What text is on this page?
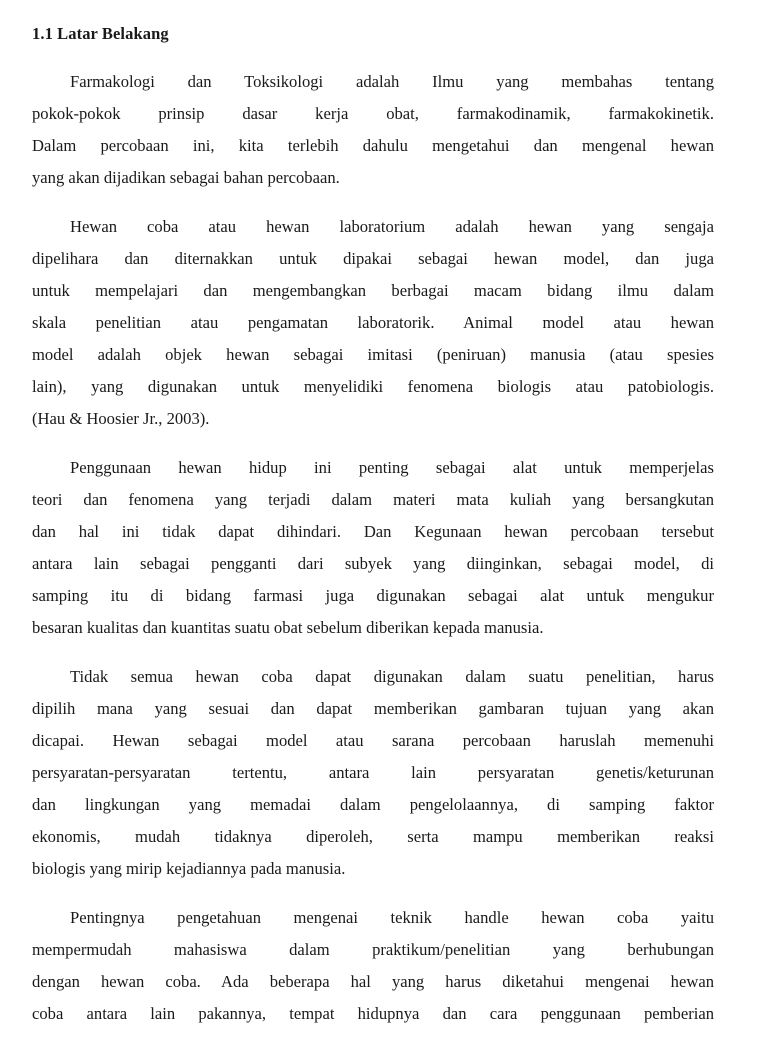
1.1 Latar Belakang
Farmakologi dan Toksikologi adalah Ilmu yang membahas tentang
pokok-pokok prinsip dasar kerja obat, farmakodinamik, farmakokinetik.
Dalam percobaan ini, kita terlebih dahulu mengetahui dan mengenal hewan
yang akan dijadikan sebagai bahan percobaan.
Hewan coba atau hewan laboratorium adalah hewan yang sengaja
dipelihara dan diternakkan untuk dipakai sebagai hewan model, dan juga
untuk mempelajari dan mengembangkan berbagai macam bidang ilmu dalam
skala penelitian atau pengamatan laboratorik. Animal model atau hewan
model adalah objek hewan sebagai imitasi (peniruan) manusia (atau spesies
lain), yang digunakan untuk menyelidiki fenomena biologis atau patobiologis.
(Hau & Hoosier Jr., 2003).
Penggunaan hewan hidup ini penting sebagai alat untuk memperjelas
teori dan fenomena yang terjadi dalam materi mata kuliah yang bersangkutan
dan hal ini tidak dapat dihindari. Dan Kegunaan hewan percobaan tersebut
antara lain sebagai pengganti dari subyek yang diinginkan, sebagai model, di
samping itu di bidang farmasi juga digunakan sebagai alat untuk mengukur
besaran kualitas dan kuantitas suatu obat sebelum diberikan kepada manusia.
Tidak semua hewan coba dapat digunakan dalam suatu penelitian, harus
dipilih mana yang sesuai dan dapat memberikan gambaran tujuan yang akan
dicapai. Hewan sebagai model atau sarana percobaan haruslah memenuhi
persyaratan-persyaratan tertentu, antara lain persyaratan genetis/keturunan
dan lingkungan yang memadai dalam pengelolaannya, di samping faktor
ekonomis, mudah tidaknya diperoleh, serta mampu memberikan reaksi
biologis yang mirip kejadiannya pada manusia.
Pentingnya pengetahuan mengenai teknik handle hewan coba yaitu
mempermudah mahasiswa dalam praktikum/penelitian yang berhubungan
dengan hewan coba. Ada beberapa hal yang harus diketahui mengenai hewan
coba antara lain pakannya, tempat hidupnya dan cara penggunaan pemberian
